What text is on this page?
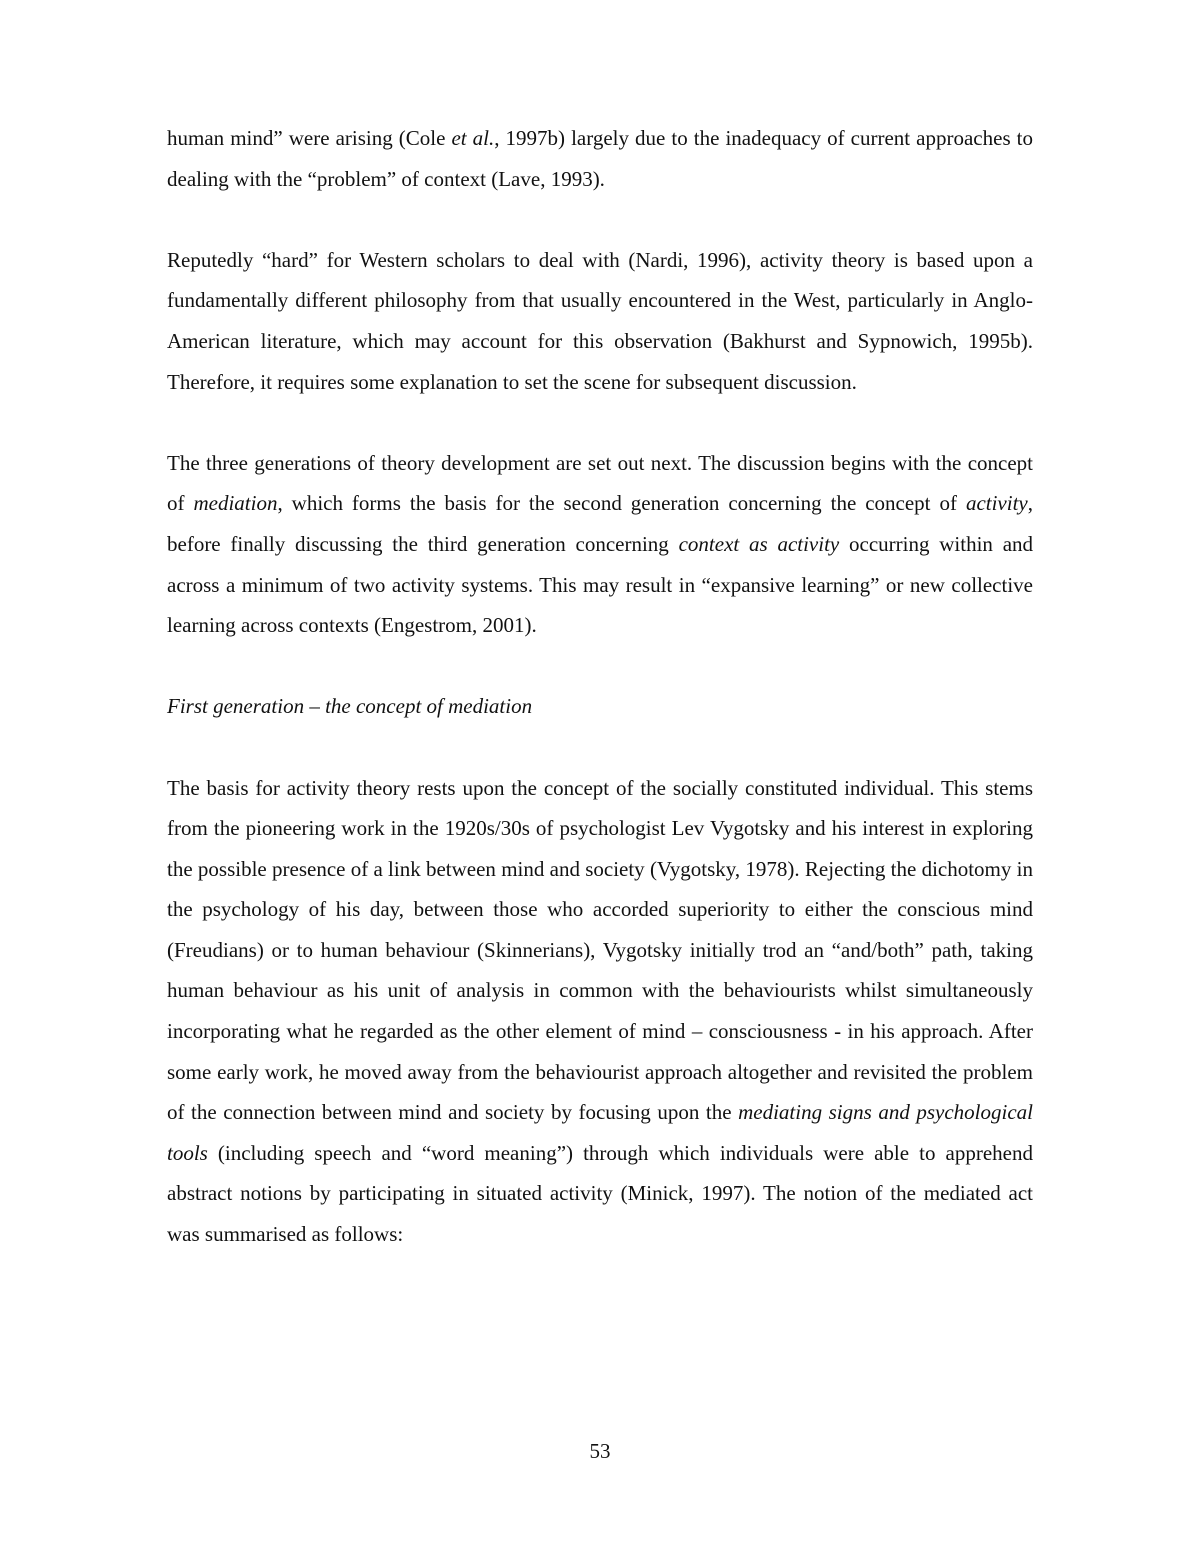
human mind” were arising (Cole et al., 1997b) largely due to the inadequacy of current approaches to dealing with the “problem” of context (Lave, 1993).

Reputedly “hard” for Western scholars to deal with (Nardi, 1996), activity theory is based upon a fundamentally different philosophy from that usually encountered in the West, particularly in Anglo-American literature, which may account for this observation (Bakhurst and Sypnowich, 1995b). Therefore, it requires some explanation to set the scene for subsequent discussion.

The three generations of theory development are set out next. The discussion begins with the concept of mediation, which forms the basis for the second generation concerning the concept of activity, before finally discussing the third generation concerning context as activity occurring within and across a minimum of two activity systems. This may result in “expansive learning” or new collective learning across contexts (Engestrom, 2001).

First generation – the concept of mediation

The basis for activity theory rests upon the concept of the socially constituted individual. This stems from the pioneering work in the 1920s/30s of psychologist Lev Vygotsky and his interest in exploring the possible presence of a link between mind and society (Vygotsky, 1978). Rejecting the dichotomy in the psychology of his day, between those who accorded superiority to either the conscious mind (Freudians) or to human behaviour (Skinnerians), Vygotsky initially trod an “and/both” path, taking human behaviour as his unit of analysis in common with the behaviourists whilst simultaneously incorporating what he regarded as the other element of mind – consciousness - in his approach. After some early work, he moved away from the behaviourist approach altogether and revisited the problem of the connection between mind and society by focusing upon the mediating signs and psychological tools (including speech and “word meaning”) through which individuals were able to apprehend abstract notions by participating in situated activity (Minick, 1997). The notion of the mediated act was summarised as follows:

53
